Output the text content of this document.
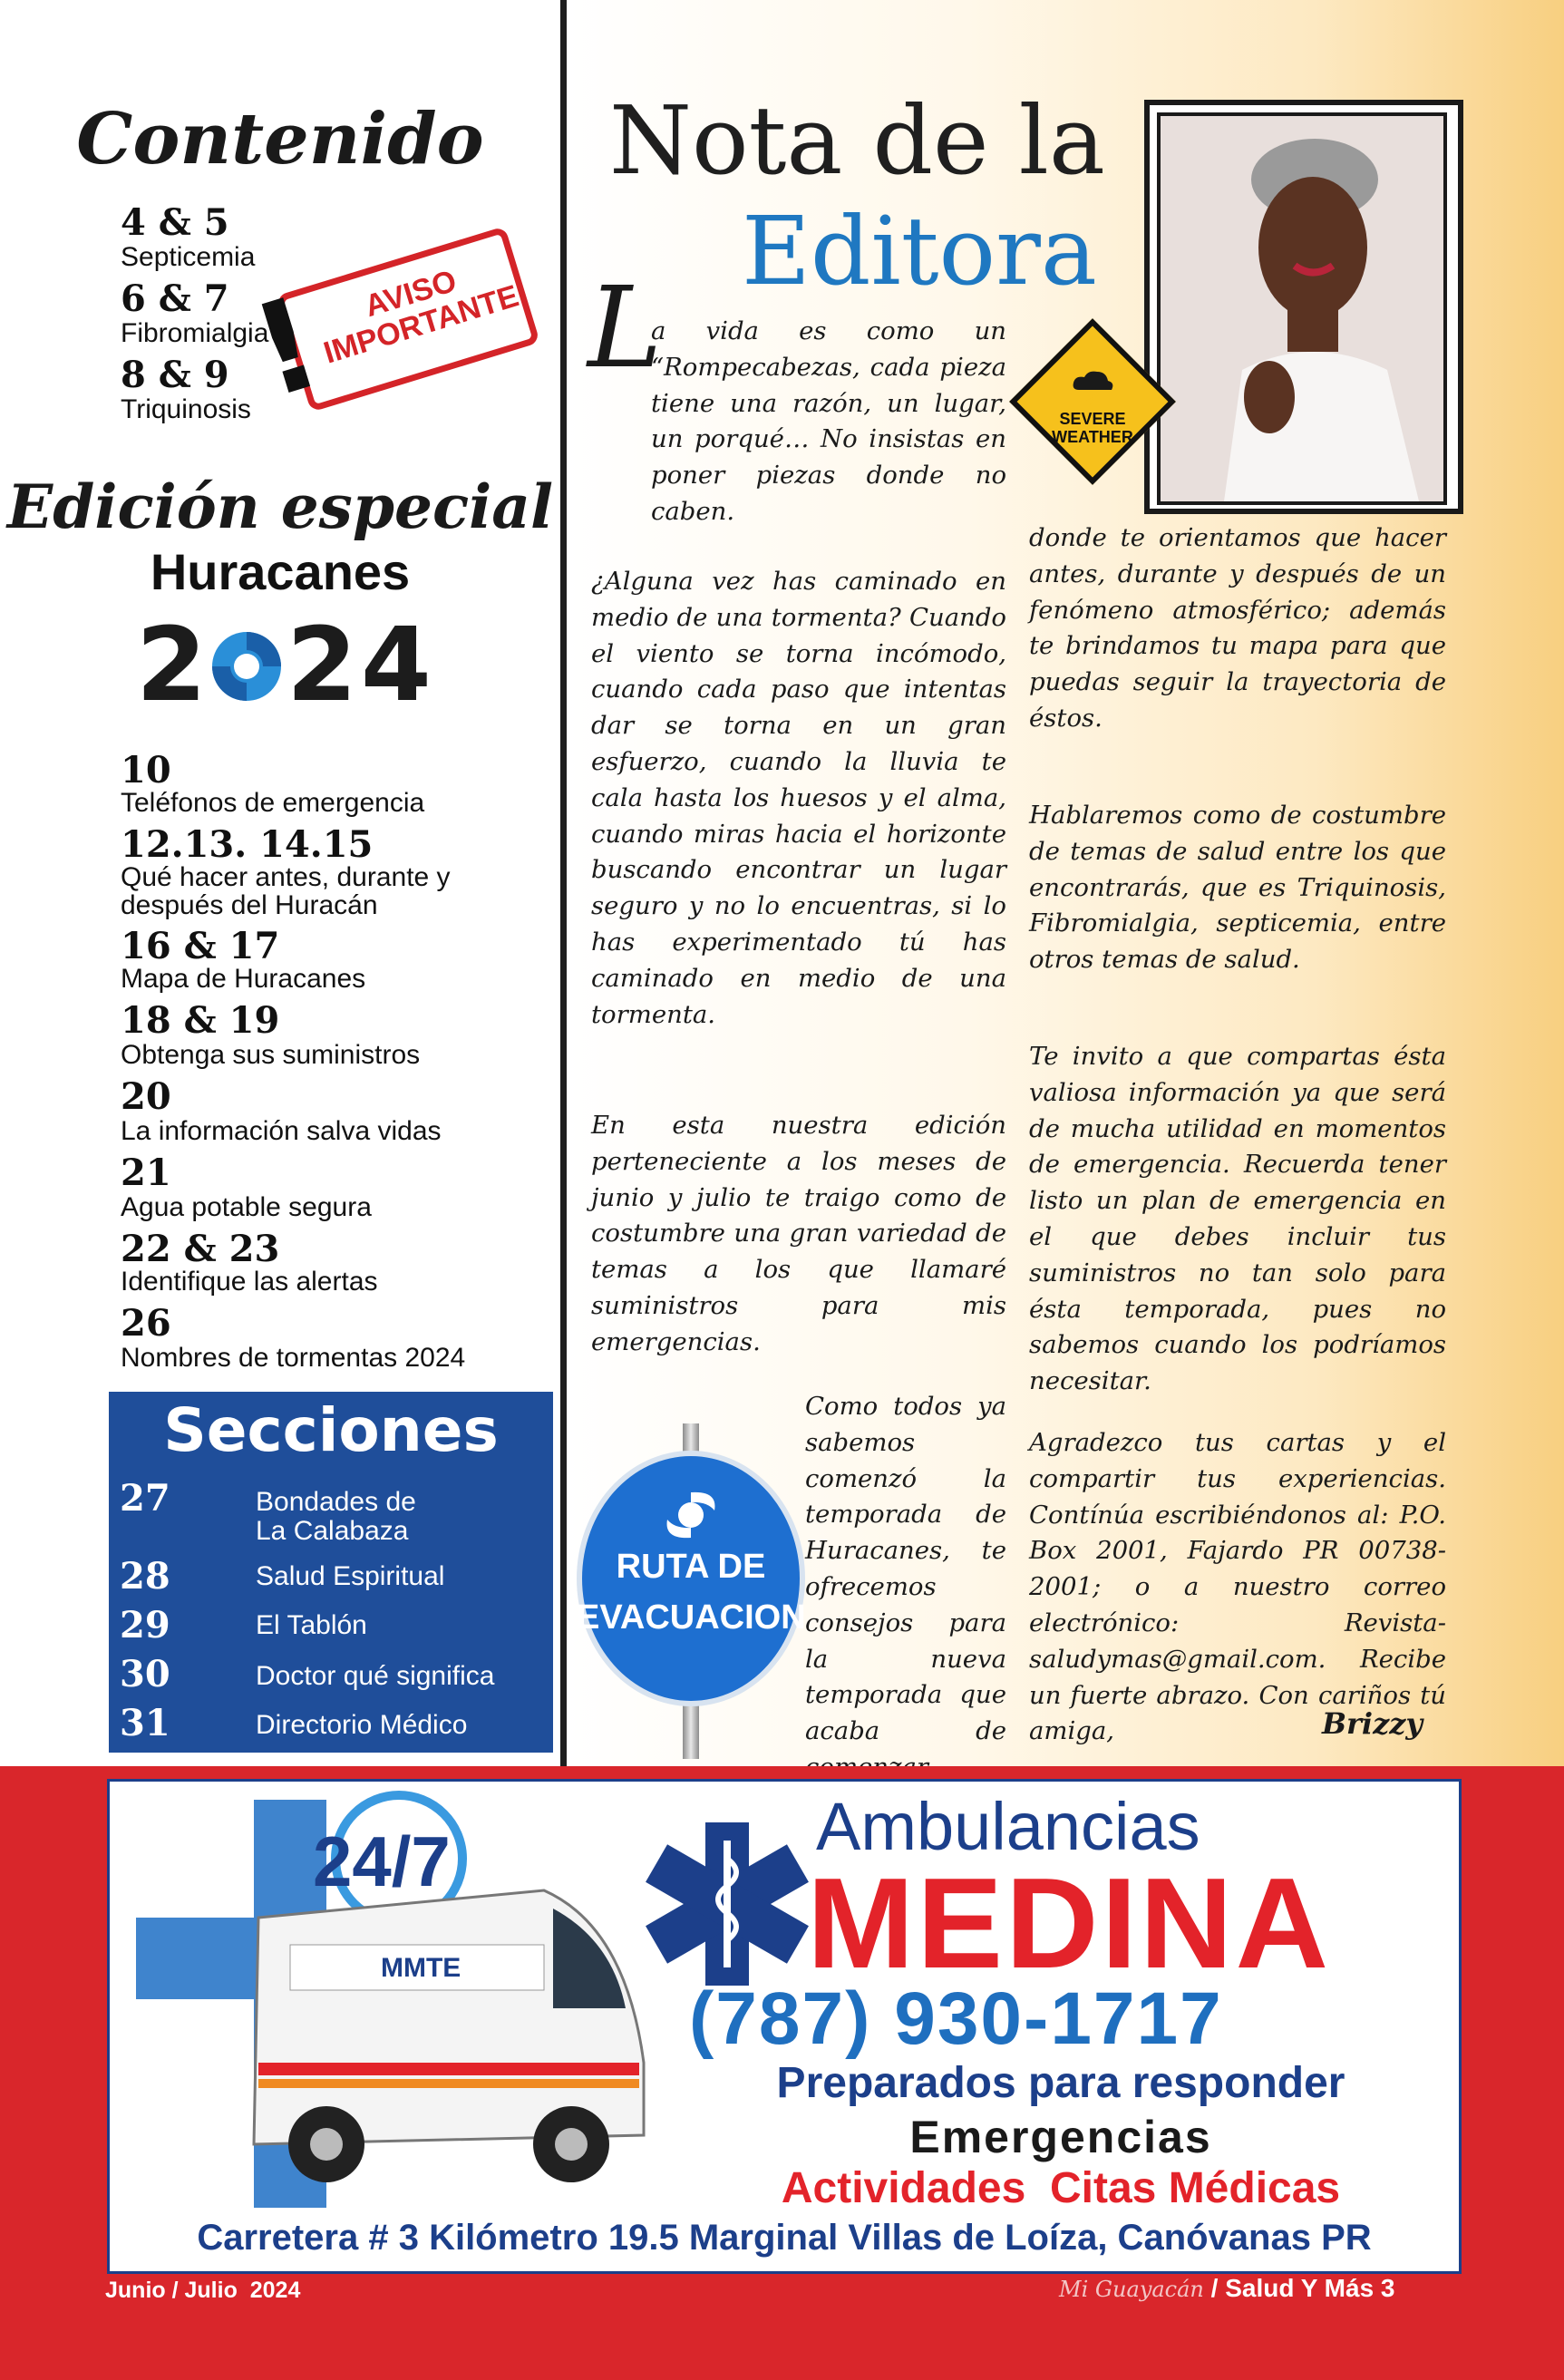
Contenido
4 & 5
Septicemia
6 & 7
Fibromialgia
8 & 9
Triquinosis
! AVISO IMPORTANTE
Edición especial
Huracanes
2 24
10
Teléfonos de emergencia
12.13. 14.15
Qué hacer antes, durante y después del Huracán
16 & 17
Mapa de Huracanes
18 & 19
Obtenga sus suministros
20
La información salva vidas
21
Agua potable segura
22 & 23
Identifique las alertas
26
Nombres de tormentas 2024
Secciones
27	Bondades de La Calabaza
28	Salud Espiritual
29	El Tablón
30	Doctor qué significa
31	Directorio Médico
Nota de la
Editora
SEVERE WEATHER
L
a vida es como un “Rompecabezas, cada pieza tiene una razón, un lugar, un porqué… No insistas en poner piezas donde no caben.
¿Alguna vez has caminado en medio de una tormenta? Cuando el viento se torna incómodo, cuando cada paso que intentas dar se torna en un gran esfuerzo, cuando la lluvia te cala hasta los huesos y el alma, cuando miras hacia el horizonte buscando encontrar un lugar seguro y no lo encuentras, si lo has experimentado tú has caminado en medio de una tormenta.
En esta nuestra edición perteneciente a los meses de junio y julio te traigo como de costumbre una gran variedad de temas a los que llamaré suministros para mis emergencias.
RUTA DE EVACUACION
Como todos ya sabemos comenzó la temporada de Huracanes, te ofrecemos consejos para la nueva temporada que acaba de
donde te orientamos que hacer antes, durante y después de un fenómeno atmosférico; además te brindamos tu mapa para que puedas seguir la trayectoria de éstos.
Hablaremos como de costumbre de temas de salud entre los que encontrarás, que es Triquinosis, Fibromialgia, septicemia, entre otros temas de salud.
Te invito a que compartas ésta valiosa información ya que será de mucha utilidad en momentos de emergencia. Recuerda tener listo un plan de emergencia en el que debes incluir tus suministros no tan solo para ésta temporada, pues no sabemos cuando los podríamos necesitar.
Agradezco tus cartas y el compartir tus experiencias. Contínúa escribiéndonos al: P.O. Box 2001, Fajardo PR 00738-2001; o a nuestro correo electrónico: Revista-saludymas@gmail.com. Recibe un fuerte abrazo. Con cariños tú amiga,	Brizzy
24/7
MMTE
Ambulancias
MEDINA
(787) 930-1717
Preparados para responder
Emergencias
Actividades  Citas Médicas
Carretera # 3 Kilómetro 19.5 Marginal Villas de Loíza, Canóvanas PR
Junio / Julio  2024	Mi Guayacán / Salud Y Más 3
